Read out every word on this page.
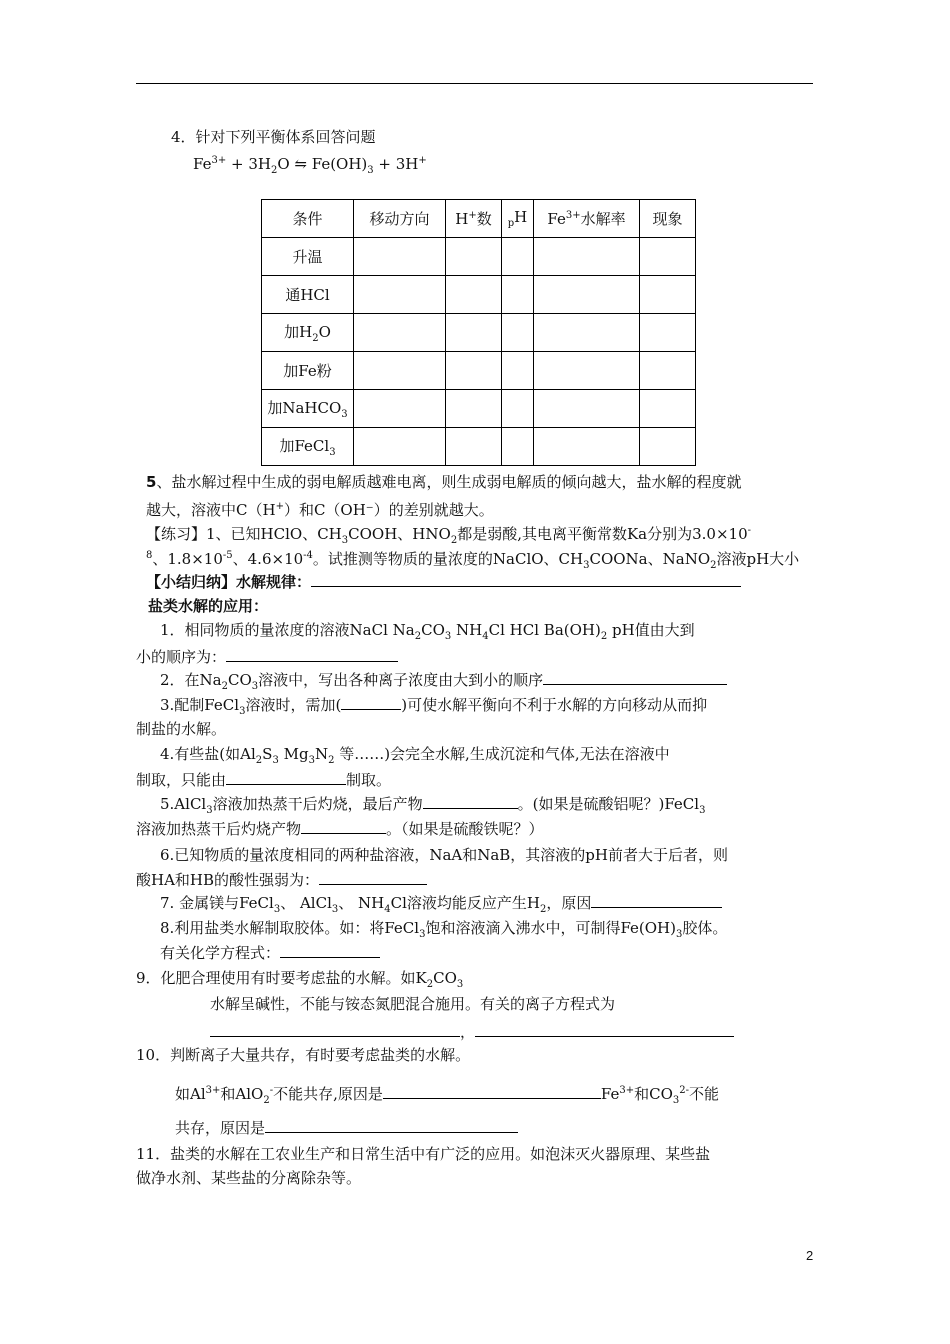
4．针对下列平衡体系回答问题
$Fe^{3+} + 3H_2O$ ⇋ $Fe(OH)_3 + 3H^+$
条件	移动方向	H+数	$_p$H	$Fe^{3+}$水解率	现象
升温					
通HCl					
加$H_2O$					
加Fe粉					
加NaHCO$_3$					
加FeCl$_3$					
5、盐水解过程中生成的弱电解质越难电离，则生成弱电解质的倾向越大，盐水解的程度就
越大，溶液中C（H+）和C（OH⁻）的差别就越大。
【练习】1、已知HClO、$CH_3COOH$、$HNO_2$都是弱酸,其电离平衡常数Ka分别为3.0×10-
$^8$、$1.8\times 10^{-5}$、$4.6\times 10^{-4}$。试推测等物质的量浓度的NaClO、$CH_3COONa$、NaNO$_2$溶液pH大小
【小结归纳】水解规律：
盐类水解的应用：
1．相同物质的量浓度的溶液NaCl $Na_2CO_3$ $NH_4Cl$ HCl $Ba(OH)_2$ pH值由大到
小的顺序为：
2．在$Na_2CO_3$溶液中，写出各种离子浓度由大到小的顺序
3.配制FeCl$_3$溶液时，需加(	)可使水解平衡向不利于水解的方向移动从而抑
制盐的水解。
4.有些盐(如$Al_2S_3$ $Mg_3N_2$ 等……)会完全水解,生成沉淀和气体,无法在溶液中
制取，只能由	制取。
5.AlCl$_3$溶液加热蒸干后灼烧，最后产物	。(如果是硫酸铝呢？)FeCl$_3$
溶液加热蒸干后灼烧产物	。（如果是硫酸铁呢？）
6.已知物质的量浓度相同的两种盐溶液，NaA和NaB，其溶液的pH前者大于后者，则
酸HA和HB的酸性强弱为：
7. 金属镁与FeCl$_3$、 AlCl$_3$、 $NH_4Cl$溶液均能反应产生$H_2$，原因
8.利用盐类水解制取胶体。如：将FeCl$_3$饱和溶液滴入沸水中，可制得$Fe(OH)_3$胶体。
有关化学方程式：
9．化肥合理使用有时要考虑盐的水解。如$K_2CO_3$
水解呈碱性，不能与铵态氮肥混合施用。有关的离子方程式为
，
10．判断离子大量共存，有时要考虑盐类的水解。
如$Al^{3+}$和AlO$_2$-不能共存,原因是	$Fe^{3+}$和$CO_3^{2-}$不能
共存，原因是
11．盐类的水解在工农业生产和日常生活中有广泛的应用。如泡沫灭火器原理、某些盐
做净水剂、某些盐的分离除杂等。
2
